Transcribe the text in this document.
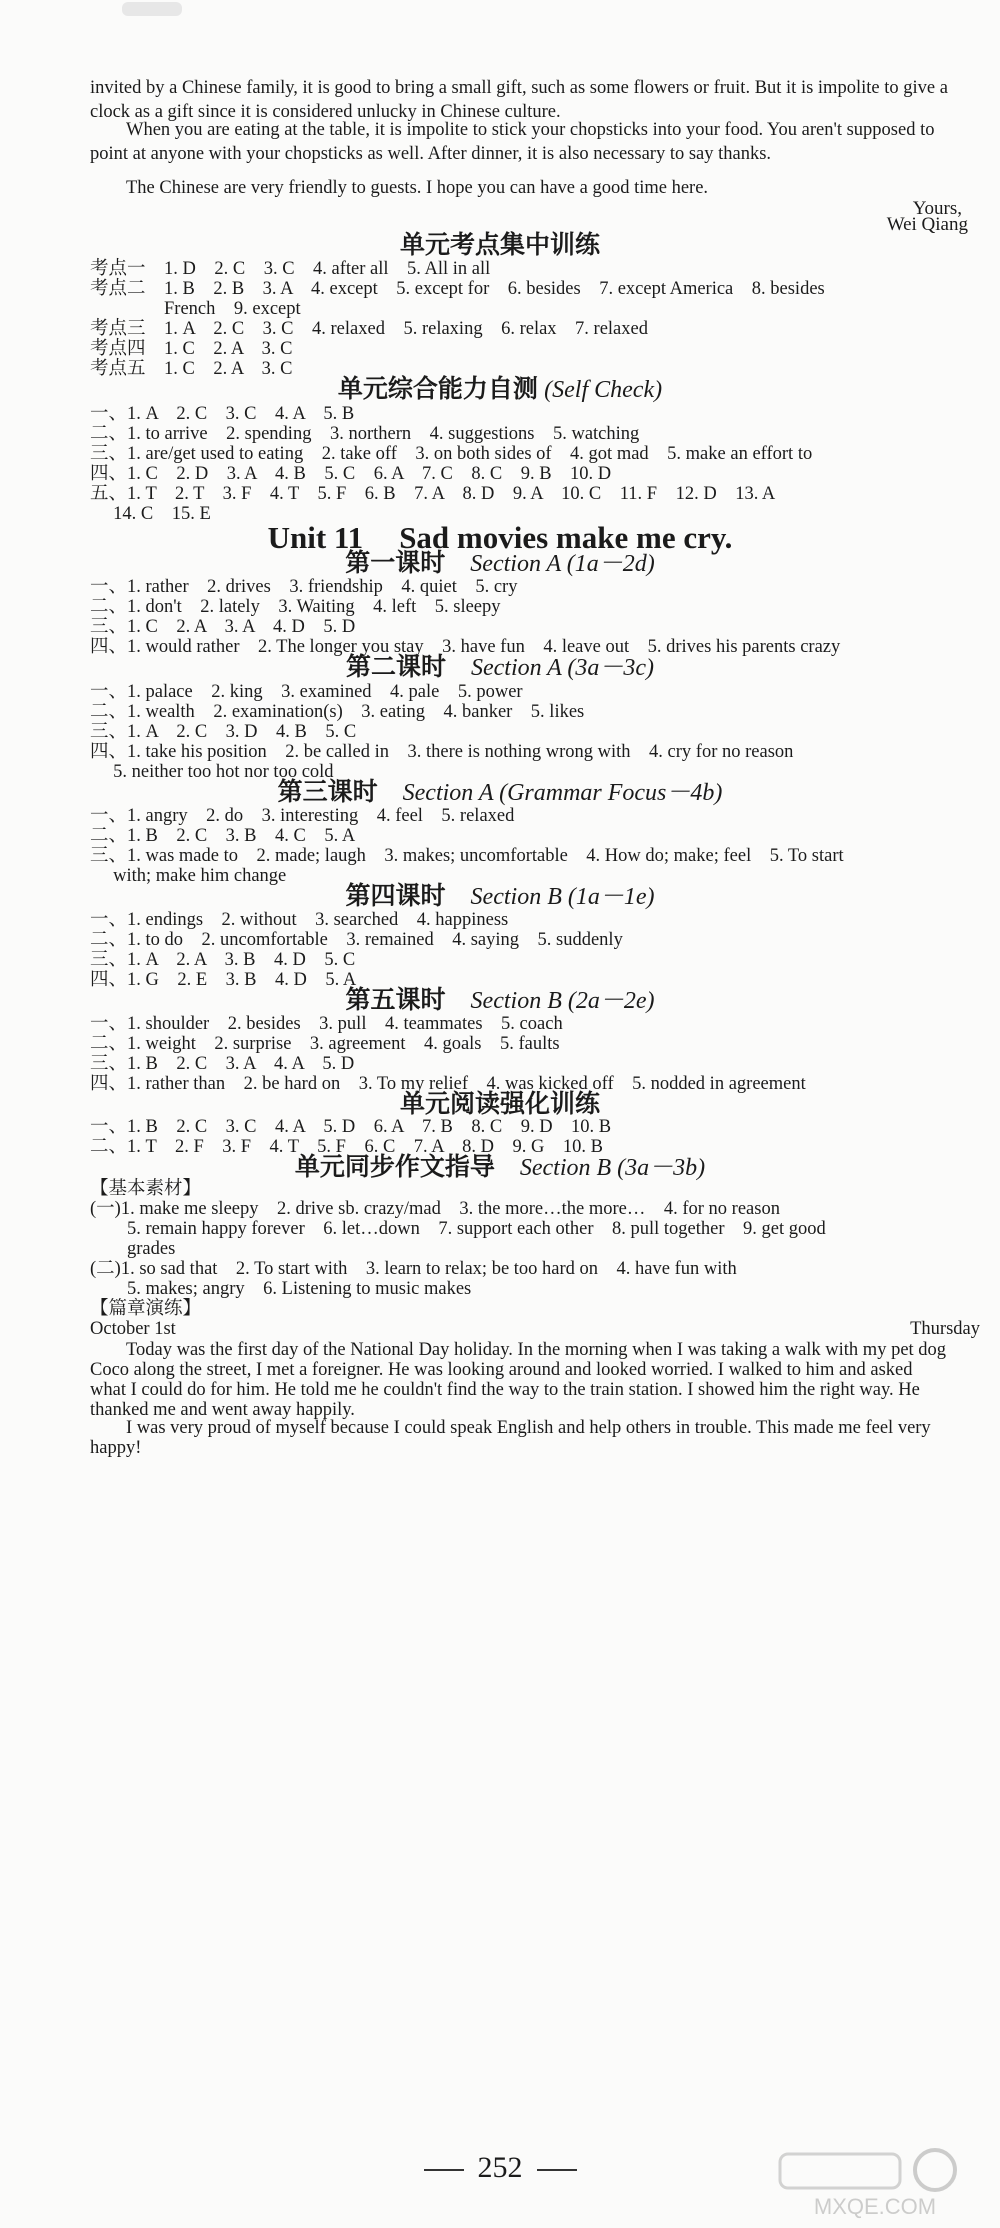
invited by a Chinese family, it is good to bring a small gift, such as some flowers or fruit. But it is impolite to give a clock as a gift since it is considered unlucky in Chinese culture.
When you are eating at the table, it is impolite to stick your chopsticks into your food. You aren't supposed to point at anyone with your chopsticks as well. After dinner, it is also necessary to say thanks.
The Chinese are very friendly to guests. I hope you can have a good time here.
Yours,
Wei Qiang
单元考点集中训练
考点一　1. D　2. C　3. C　4. after all　5. All in all
考点二　1. B　2. B　3. A　4. except　5. except for　6. besides　7. except America　8. besides
　　　　French　9. except
考点三　1. A　2. C　3. C　4. relaxed　5. relaxing　6. relax　7. relaxed
考点四　1. C　2. A　3. C
考点五　1. C　2. A　3. C
单元综合能力自测 (Self Check)
一、1. A　2. C　3. C　4. A　5. B
二、1. to arrive　2. spending　3. northern　4. suggestions　5. watching
三、1. are/get used to eating　2. take off　3. on both sides of　4. got mad　5. make an effort to
四、1. C　2. D　3. A　4. B　5. C　6. A　7. C　8. C　9. B　10. D
五、1. T　2. T　3. F　4. T　5. F　6. B　7. A　8. D　9. A　10. C　11. F　12. D　13. A
　 14. C　15. E
Unit 11 Sad movies make me cry.
第一课时　 Section A (1a－2d)
一、1. rather　2. drives　3. friendship　4. quiet　5. cry
二、1. don't　2. lately　3. Waiting　4. left　5. sleepy
三、1. C　2. A　3. A　4. D　5. D
四、1. would rather　2. The longer you stay　3. have fun　4. leave out　5. drives his parents crazy
第二课时　 Section A (3a－3c)
一、1. palace　2. king　3. examined　4. pale　5. power
二、1. wealth　2. examination(s)　3. eating　4. banker　5. likes
三、1. A　2. C　3. D　4. B　5. C
四、1. take his position　2. be called in　3. there is nothing wrong with　4. cry for no reason
　 5. neither too hot nor too cold
第三课时　 Section A (Grammar Focus－4b)
一、1. angry　2. do　3. interesting　4. feel　5. relaxed
二、1. B　2. C　3. B　4. C　5. A
三、1. was made to　2. made; laugh　3. makes; uncomfortable　4. How do; make; feel　5. To start
　 with; make him change
第四课时　 Section B (1a－1e)
一、1. endings　2. without　3. searched　4. happiness
二、1. to do　2. uncomfortable　3. remained　4. saying　5. suddenly
三、1. A　2. A　3. B　4. D　5. C
四、1. G　2. E　3. B　4. D　5. A
第五课时　 Section B (2a－2e)
一、1. shoulder　2. besides　3. pull　4. teammates　5. coach
二、1. weight　2. surprise　3. agreement　4. goals　5. faults
三、1. B　2. C　3. A　4. A　5. D
四、1. rather than　2. be hard on　3. To my relief　4. was kicked off　5. nodded in agreement
单元阅读强化训练
一、1. B　2. C　3. C　4. A　5. D　6. A　7. B　8. C　9. D　10. B
二、1. T　2. F　3. F　4. T　5. F　6. C　7. A　8. D　9. G　10. B
单元同步作文指导　 Section B (3a－3b)
【基本素材】
(一)1. make me sleepy　2. drive sb. crazy/mad　3. the more…the more…　4. for no reason
　　5. remain happy forever　6. let…down　7. support each other　8. pull together　9. get good
　　grades
(二)1. so sad that　2. To start with　3. learn to relax; be too hard on　4. have fun with
　　5. makes; angry　6. Listening to music makes
【篇章演练】
October 1st	Thursday
Today was the first day of the National Day holiday. In the morning when I was taking a walk with my pet dog Coco along the street, I met a foreigner. He was looking around and looked worried. I walked to him and asked what I could do for him. He told me he couldn't find the way to the train station. I showed him the right way. He thanked me and went away happily.
I was very proud of myself because I could speak English and help others in trouble. This made me feel very happy!
252
MXQE.COM
